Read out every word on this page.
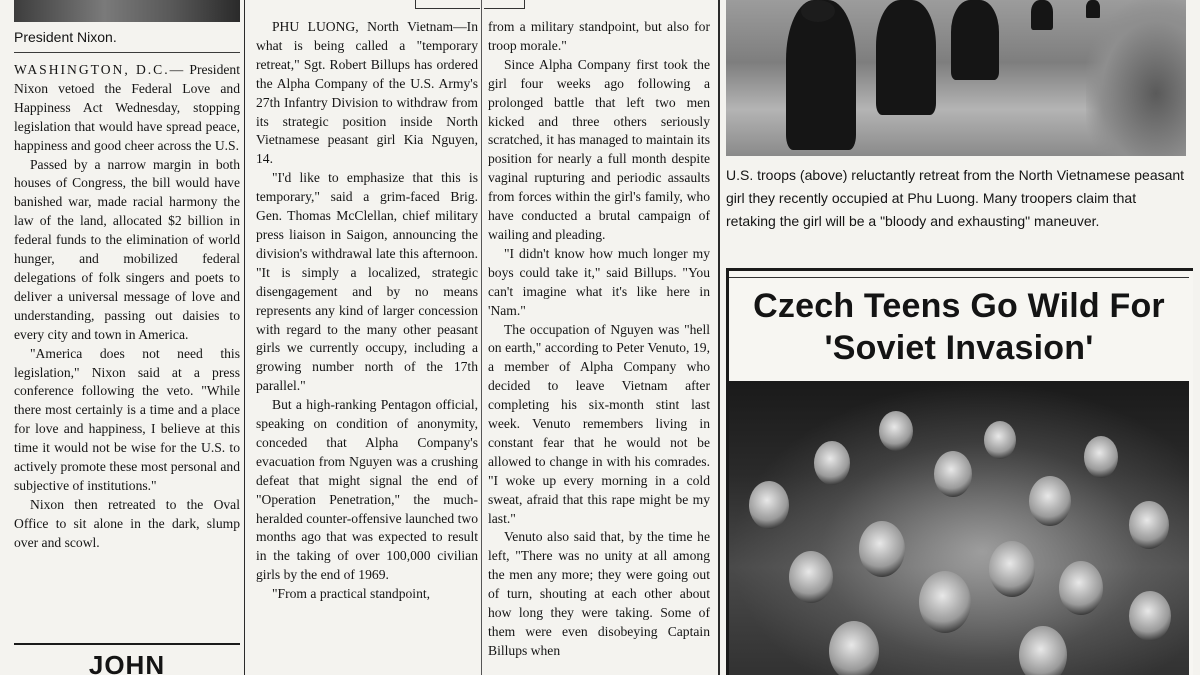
President Nixon.

WASHINGTON, D.C.— President Nixon vetoed the Federal Love and Happiness Act Wednesday, stopping legislation that would have spread peace, happiness and good cheer across the U.S.

Passed by a narrow margin in both houses of Congress, the bill would have banished war, made racial harmony the law of the land, allocated $2 billion in federal funds to the elimination of world hunger, and mobilized federal delegations of folk singers and poets to deliver a universal message of love and understanding, passing out daisies to every city and town in America.

"America does not need this legislation," Nixon said at a press conference following the veto. "While there most certainly is a time and a place for love and happiness, I believe at this time it would not be wise for the U.S. to actively promote these most personal and subjective of institutions."

Nixon then retreated to the Oval Office to sit alone in the dark, slump over and scowl.

JOHN

PHU LUONG, North Vietnam—In what is being called a "temporary retreat," Sgt. Robert Billups has ordered the Alpha Company of the U.S. Army's 27th Infantry Division to withdraw from its strategic position inside North Vietnamese peasant girl Kia Nguyen, 14.

"I'd like to emphasize that this is temporary," said a grim-faced Brig. Gen. Thomas McClellan, chief military press liaison in Saigon, announcing the division's withdrawal late this afternoon. "It is simply a localized, strategic disengagement and by no means represents any kind of larger concession with regard to the many other peasant girls we currently occupy, including a growing number north of the 17th parallel."

But a high-ranking Pentagon official, speaking on condition of anonymity, conceded that Alpha Company's evacuation from Nguyen was a crushing defeat that might signal the end of "Operation Penetration," the much-heralded counter-offensive launched two months ago that was expected to result in the taking of over 100,000 civilian girls by the end of 1969.

"From a practical standpoint,

from a military standpoint, but also for troop morale."

Since Alpha Company first took the girl four weeks ago following a prolonged battle that left two men kicked and three others seriously scratched, it has managed to maintain its position for nearly a full month despite vaginal rupturing and periodic assaults from forces within the girl's family, who have conducted a brutal campaign of wailing and pleading.

"I didn't know how much longer my boys could take it," said Billups. "You can't imagine what it's like here in 'Nam."

The occupation of Nguyen was "hell on earth," according to Peter Venuto, 19, a member of Alpha Company who decided to leave Vietnam after completing his six-month stint last week. Venuto remembers living in constant fear that he would not be allowed to change in with his comrades. "I woke up every morning in a cold sweat, afraid that this rape might be my last."

Venuto also said that, by the time he left, "There was no unity at all among the men any more; they were going out of turn, shouting at each other about how long they were taking. Some of them were even disobeying Captain Billups when

U.S. troops (above) reluctantly retreat from the North Vietnamese peasant girl they recently occupied at Phu Luong. Many troopers claim that retaking the girl will be a "bloody and exhausting" maneuver.

Czech Teens Go Wild For

'Soviet Invasion'
